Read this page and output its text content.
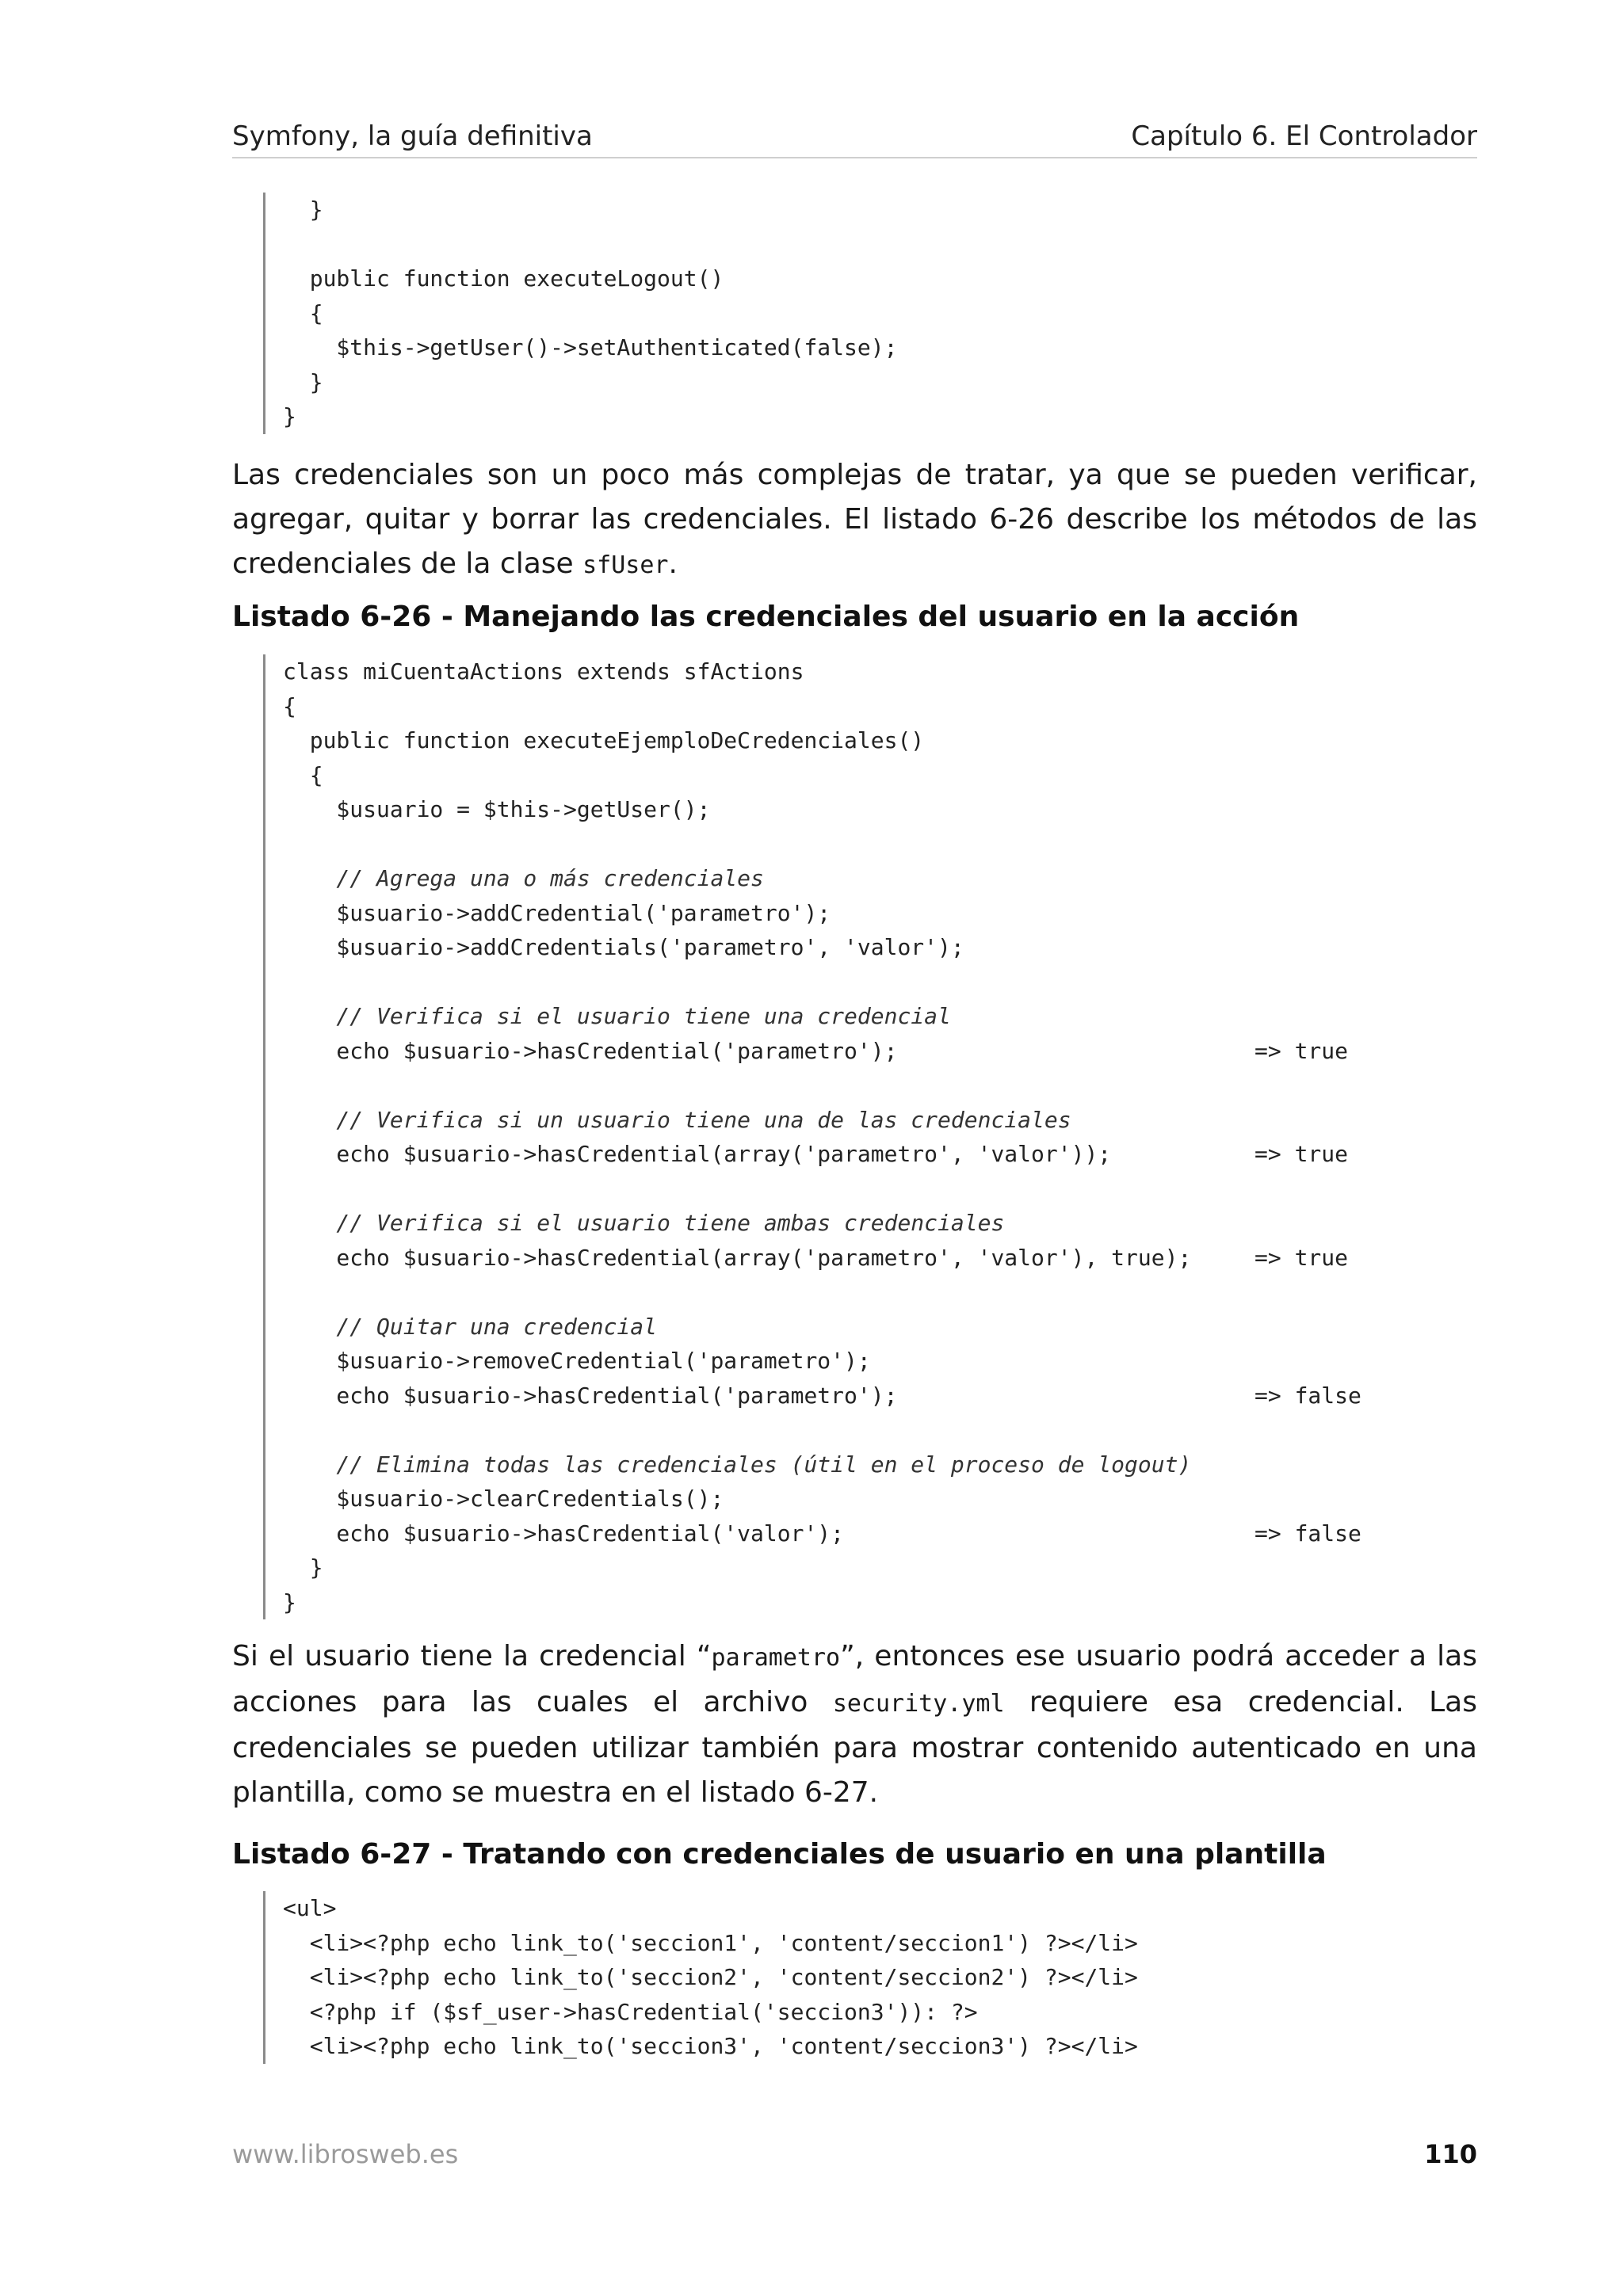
Symfony, la guía definitiva	Capítulo 6. El Controlador
}
public function executeLogout()
{
$this->getUser()->setAuthenticated(false);
}
}

Las credenciales son un poco más complejas de tratar, ya que se pueden verificar, agregar, quitar y borrar las credenciales. El listado 6-26 describe los métodos de las credenciales de la clase sfUser.

Listado 6-26 - Manejando las credenciales del usuario en la acción
class miCuentaActions extends sfActions
{
public function executeEjemploDeCredenciales()
{
$usuario = $this->getUser();
// Agrega una o más credenciales
$usuario->addCredential('parametro');
$usuario->addCredentials('parametro', 'valor');
// Verifica si el usuario tiene una credencial
echo $usuario->hasCredential('parametro');	=> true
// Verifica si un usuario tiene una de las credenciales
echo $usuario->hasCredential(array('parametro', 'valor'));	=> true
// Verifica si el usuario tiene ambas credenciales
echo $usuario->hasCredential(array('parametro', 'valor'), true);	=> true
// Quitar una credencial
$usuario->removeCredential('parametro');
echo $usuario->hasCredential('parametro');	=> false
// Elimina todas las credenciales (útil en el proceso de logout)
$usuario->clearCredentials();
echo $usuario->hasCredential('valor');	=> false
}
}

Si el usuario tiene la credencial “parametro”, entonces ese usuario podrá acceder a las acciones para las cuales el archivo security.yml requiere esa credencial. Las credenciales se pueden utilizar también para mostrar contenido autenticado en una plantilla, como se muestra en el listado 6-27.

Listado 6-27 - Tratando con credenciales de usuario en una plantilla
<ul>
<li><?php echo link_to('seccion1', 'content/seccion1') ?></li>
<li><?php echo link_to('seccion2', 'content/seccion2') ?></li>
<?php if ($sf_user->hasCredential('seccion3')): ?>
<li><?php echo link_to('seccion3', 'content/seccion3') ?></li>
www.librosweb.es	110
